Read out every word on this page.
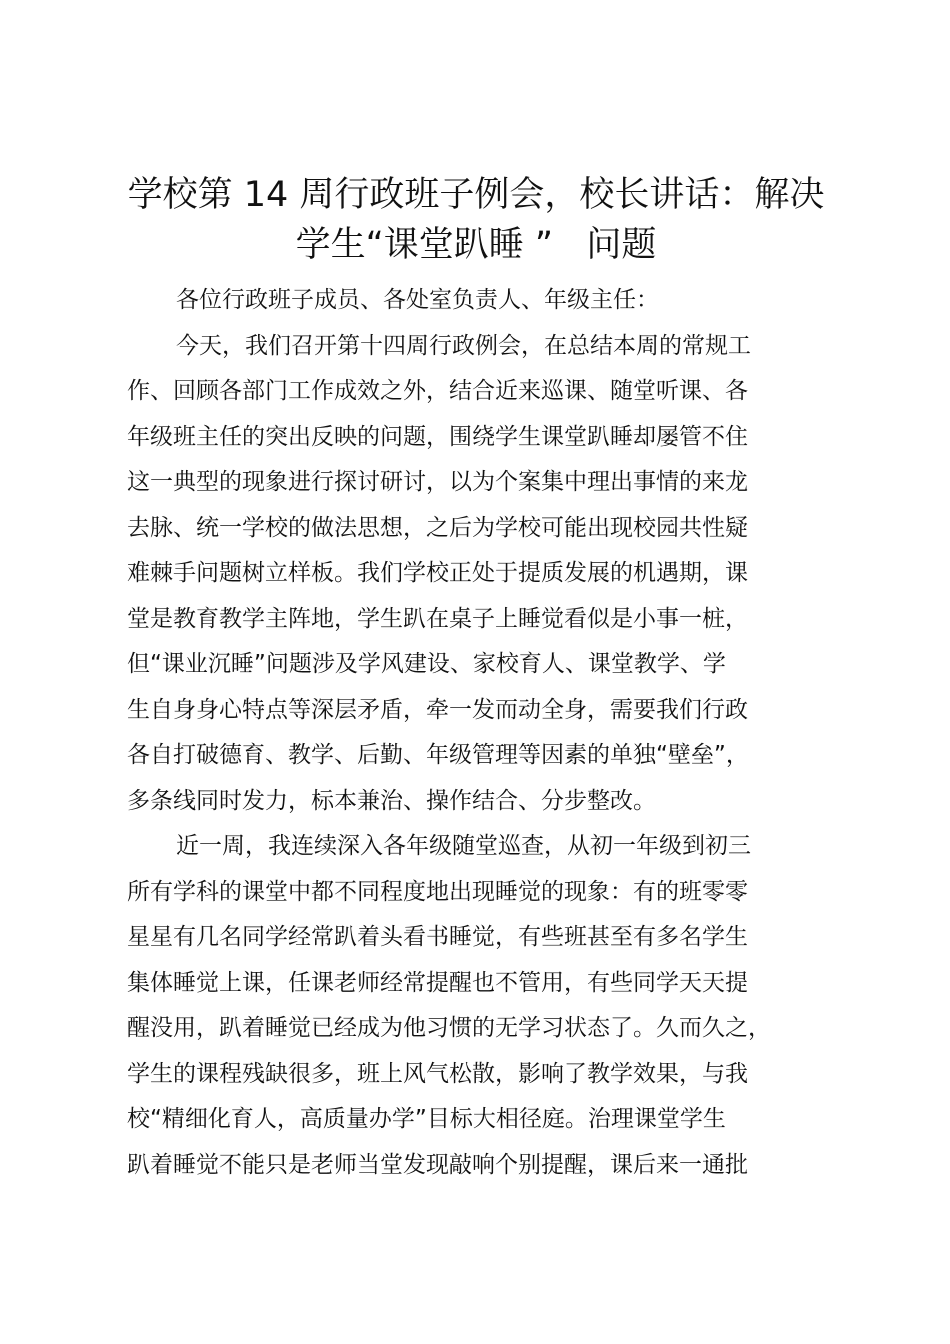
学校第 14 周行政班子例会，校长讲话：解决
学生“课堂趴睡 ”   问题

各位行政班子成员、各处室负责人、年级主任：

今天，我们召开第十四周行政例会，在总结本周的常规工
作、回顾各部门工作成效之外，结合近来巡课、随堂听课、各
年级班主任的突出反映的问题，围绕学生课堂趴睡却屡管不住
这一典型的现象进行探讨研讨，以为个案集中理出事情的来龙
去脉、统一学校的做法思想，之后为学校可能出现校园共性疑
难棘手问题树立样板。我们学校正处于提质发展的机遇期，课
堂是教育教学主阵地，学生趴在桌子上睡觉看似是小事一桩，
但“课业沉睡”问题涉及学风建设、家校育人、课堂教学、学
生自身身心特点等深层矛盾，牵一发而动全身，需要我们行政
各自打破德育、教学、后勤、年级管理等因素的单独“壁垒”，
多条线同时发力，标本兼治、操作结合、分步整改。

近一周，我连续深入各年级随堂巡查，从初一年级到初三
所有学科的课堂中都不同程度地出现睡觉的现象：有的班零零
星星有几名同学经常趴着头看书睡觉，有些班甚至有多名学生
集体睡觉上课，任课老师经常提醒也不管用，有些同学天天提
醒没用，趴着睡觉已经成为他习惯的无学习状态了。久而久之，
学生的课程残缺很多，班上风气松散，影响了教学效果，与我
校“精细化育人，高质量办学”目标大相径庭。治理课堂学生
趴着睡觉不能只是老师当堂发现敲响个别提醒，课后来一通批
